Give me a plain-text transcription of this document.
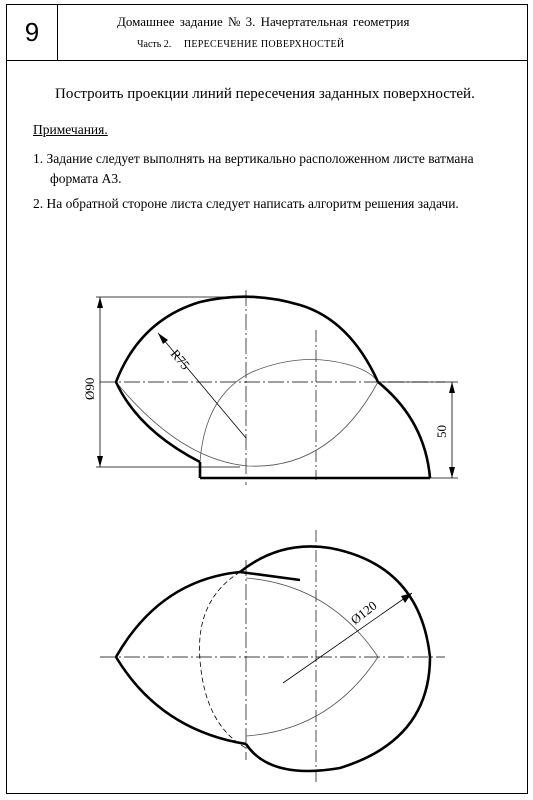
9	Домашнее задание № 3. Начертательная геометрия
Часть 2. ПЕРЕСЕЧЕНИЕ ПОВЕРХНОСТЕЙ
Построить проекции линий пересечения заданных поверхностей.
Примечания.
1. Задание следует выполнять на вертикально расположенном листе ватмана
формата А3.
2. На обратной стороне листа следует написать алгоритм решения задачи.
R75
Ø90
50
Ø120
